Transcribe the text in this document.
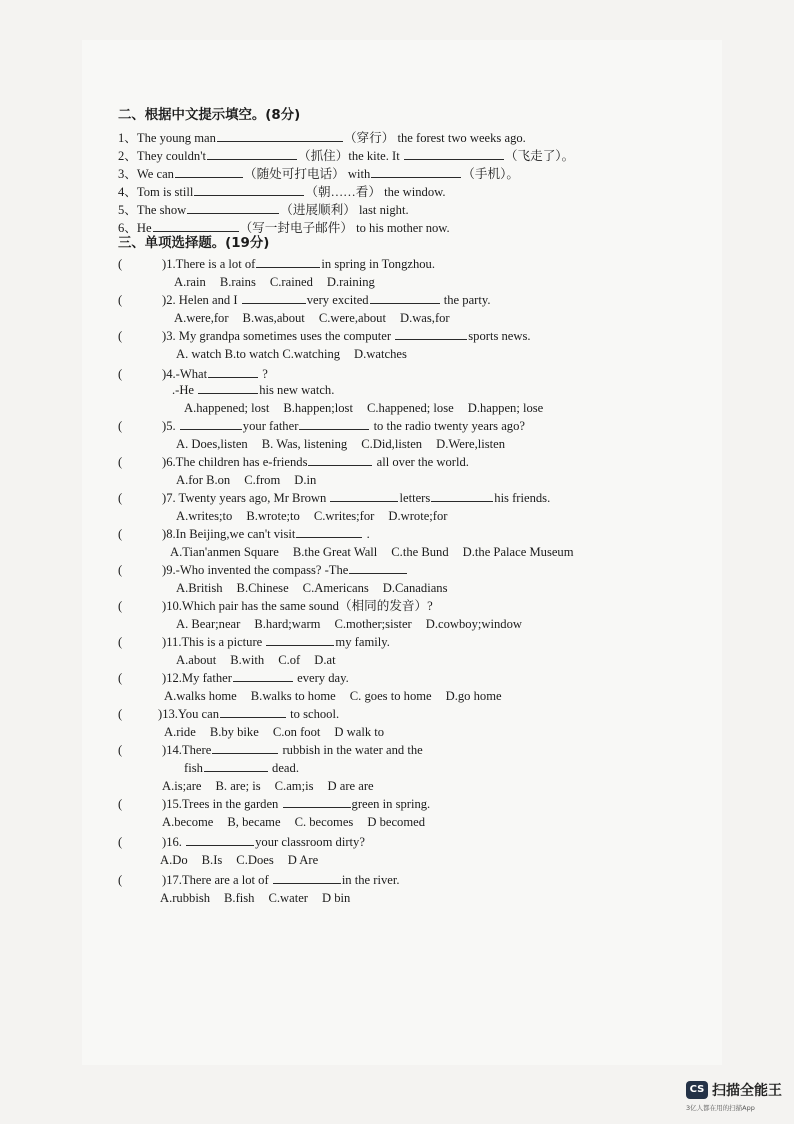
二、根据中文提示填空。(8分)
1、The young man	（穿行） the forest two weeks ago.
2、They couldn't	（抓住）the kite. It	（飞走了）。
3、We can	（随处可打电话） with	（手机）。
4、Tom is still	（朝……看） the window.
5、The show	（进展顺利） last night.
6、He	（写一封电子邮件） to his mother now.
三、单项选择题。(19分)
(	)1.There is a lot of	in spring in Tongzhou.
A.rain B.rains C.rained D.raining
(	)2. Helen and I	very excited	the party.
A.were,for B.was,about C.were,about D.was,for
(	)3. My grandpa sometimes uses the computer	sports news.
A. watch B.to watch C.watching D.watches
(	)4.-What	?
.-He	his new watch.
A.happened; lost B.happen;lost C.happened; lose D.happen; lose
(	)5.	your father	to the radio twenty years ago?
A. Does,listen B. Was, listening C.Did,listen D.Were,listen
(	)6.The children has e-friends	all over the world.
A.for B.on C.from D.in
(	)7. Twenty years ago, Mr Brown	letters	his friends.
A.writes;to B.wrote;to C.writes;for D.wrote;for
(	)8.In Beijing,we can't visit	.
A.Tian'anmen Square B.the Great Wall C.the Bund D.the Palace Museum
(	)9.-Who invented the compass? -The
A.British B.Chinese C.Americans D.Canadians
(	)10.Which pair has the same sound（相同的发音）?
A. Bear;near B.hard;warm C.mother;sister D.cowboy;window
(	)11.This is a picture	my family.
A.about B.with C.of D.at
(	)12.My father	every day.
A.walks home B.walks to home C. goes to home D.go home
(	)13.You can	to school.
A.ride B.by bike C.on foot D walk to
(	)14.There	rubbish in the water and the
fish	dead.
A.is;are B. are; is C.am;is D are are
(	)15.Trees in the garden	green in spring.
A.become B, became C. becomes D becomed
(	)16.	your classroom dirty?
A.Do B.Is C.Does D Are
(	)17.There are a lot of	in the river.
A.rubbish B.fish C.water D bin
CS 扫描全能王
3亿人都在用的扫描App
